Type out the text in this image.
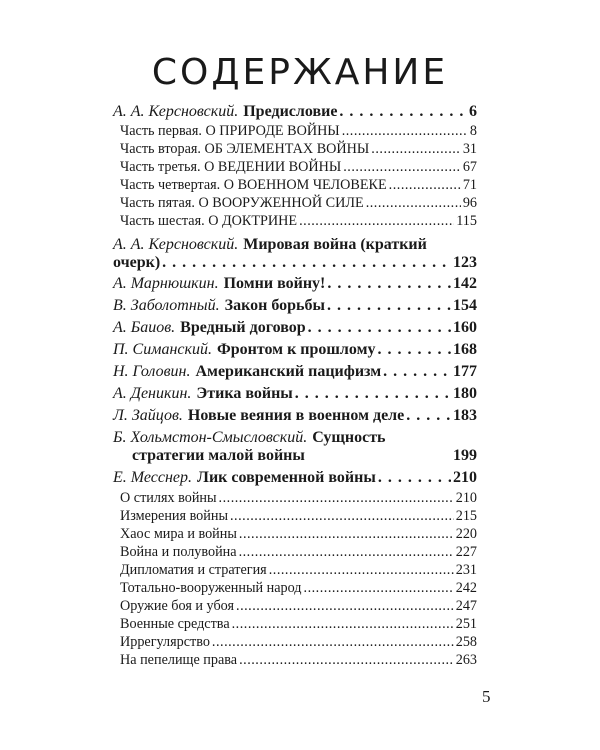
СОДЕРЖАНИЕ
А. А. Керсновский. Предисловие . . .	6
Часть первая. О ПРИРОДЕ ВОЙНЫ .....	8
Часть вторая. ОБ ЭЛЕМЕНТАХ ВОЙНЫ .....	31
Часть третья. О ВЕДЕНИИ ВОЙНЫ .....	67
Часть четвертая. О ВОЕННОМ ЧЕЛОВЕКЕ .....	71
Часть пятая. О ВООРУЖЕННОЙ СИЛЕ .....	96
Часть шестая. О ДОКТРИНЕ .....	115
А. А. Керсновский. Мировая война (краткий
очерк) . . .	123
А. Марнюшкин. Помни войну! . . .	142
В. Заболотный. Закон борьбы . . .	154
А. Баиов. Вредный договор . . .	160
П. Симанский. Фронтом к прошлому . . .	168
Н. Головин. Американский пацифизм . . .	177
А. Деникин. Этика войны . . .	180
Л. Зайцов. Новые веяния в военном деле . . .	183
Б. Хольмстон-Смысловский. Сущность
стратегии малой войны	199
Е. Месснер. Лик современной войны . . .	210
О стилях войны .....	210
Измерения войны .....	215
Хаос мира и войны .....	220
Война и полувойна .....	227
Дипломатия и стратегия .....	231
Тотально-вооруженный народ .....	242
Оружие боя и убоя .....	247
Военные средства .....	251
Иррегулярство .....	258
На пепелище права .....	263
5
